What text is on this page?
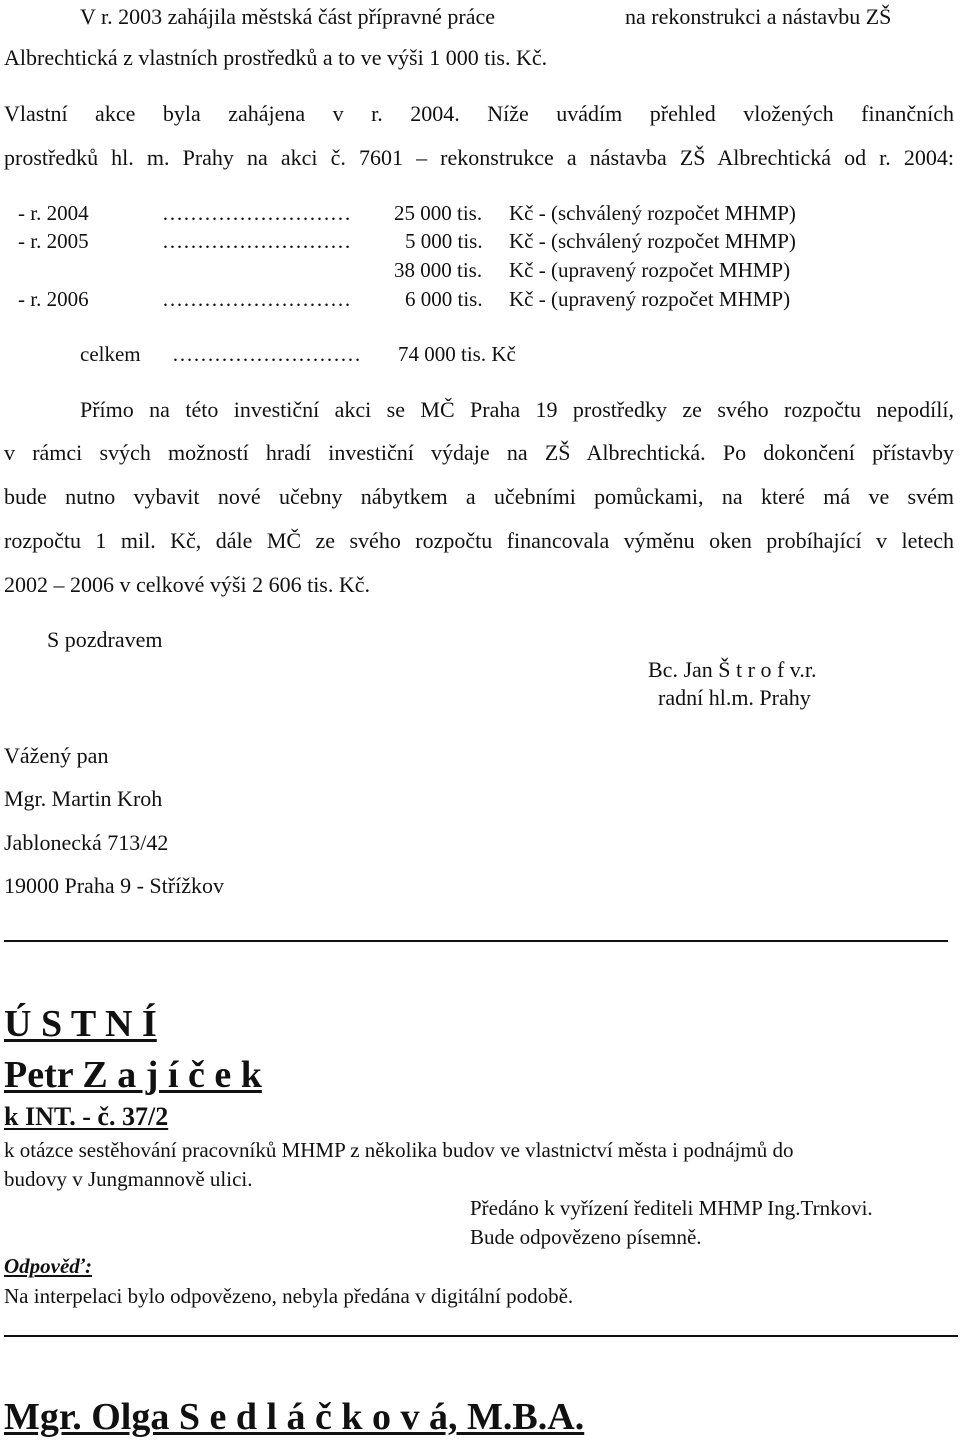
V r. 2003 zahájila městská část přípravné práce	na rekonstrukci a nástavbu ZŠ
Albrechtická z vlastních prostředků a to ve výši 1 000 tis. Kč.
Vlastní akce byla zahájena v r. 2004. Níže uvádím přehled vložených finančních
prostředků hl. m. Prahy na akci č. 7601 – rekonstrukce a nástavba ZŠ Albrechtická od r. 2004:
- r. 2004	……………………… 25 000 tis. Kč - (schválený rozpočet MHMP)
- r. 2005	………………………	5 000 tis. Kč - (schválený rozpočet MHMP)
38 000 tis. Kč - (upravený rozpočet MHMP)
- r. 2006	………………………	6 000 tis. Kč - (upravený rozpočet MHMP)
celkem ……………………… 74 000 tis. Kč
Přímo na této investiční akci se MČ Praha 19 prostředky ze svého rozpočtu nepodílí,
v rámci svých možností hradí investiční výdaje na ZŠ Albrechtická. Po dokončení přístavby
bude nutno vybavit nové učebny nábytkem a učebními pomůckami, na které má ve svém
rozpočtu 1 mil. Kč, dále MČ ze svého rozpočtu financovala výměnu oken probíhající v letech
2002 – 2006 v celkové výši 2 606 tis. Kč.
S pozdravem
Bc. Jan Š t r o f v.r.
radní hl.m. Prahy
Vážený pan
Mgr. Martin Kroh
Jablonecká 713/42
19000 Praha 9 - Střížkov
Ú S T N Í
Petr Z a j í č e k
k INT. - č. 37/2
k otázce sestěhování pracovníků MHMP z několika budov ve vlastnictví města i podnájmů do
budovy v Jungmannově ulici.
Předáno k vyřízení řediteli MHMP Ing.Trnkovi.
Bude odpovězeno písemně.
Odpověď:
Na interpelaci bylo odpovězeno, nebyla předána v digitální podobě.
Mgr. Olga S e d l á č k o v á, M.B.A.
